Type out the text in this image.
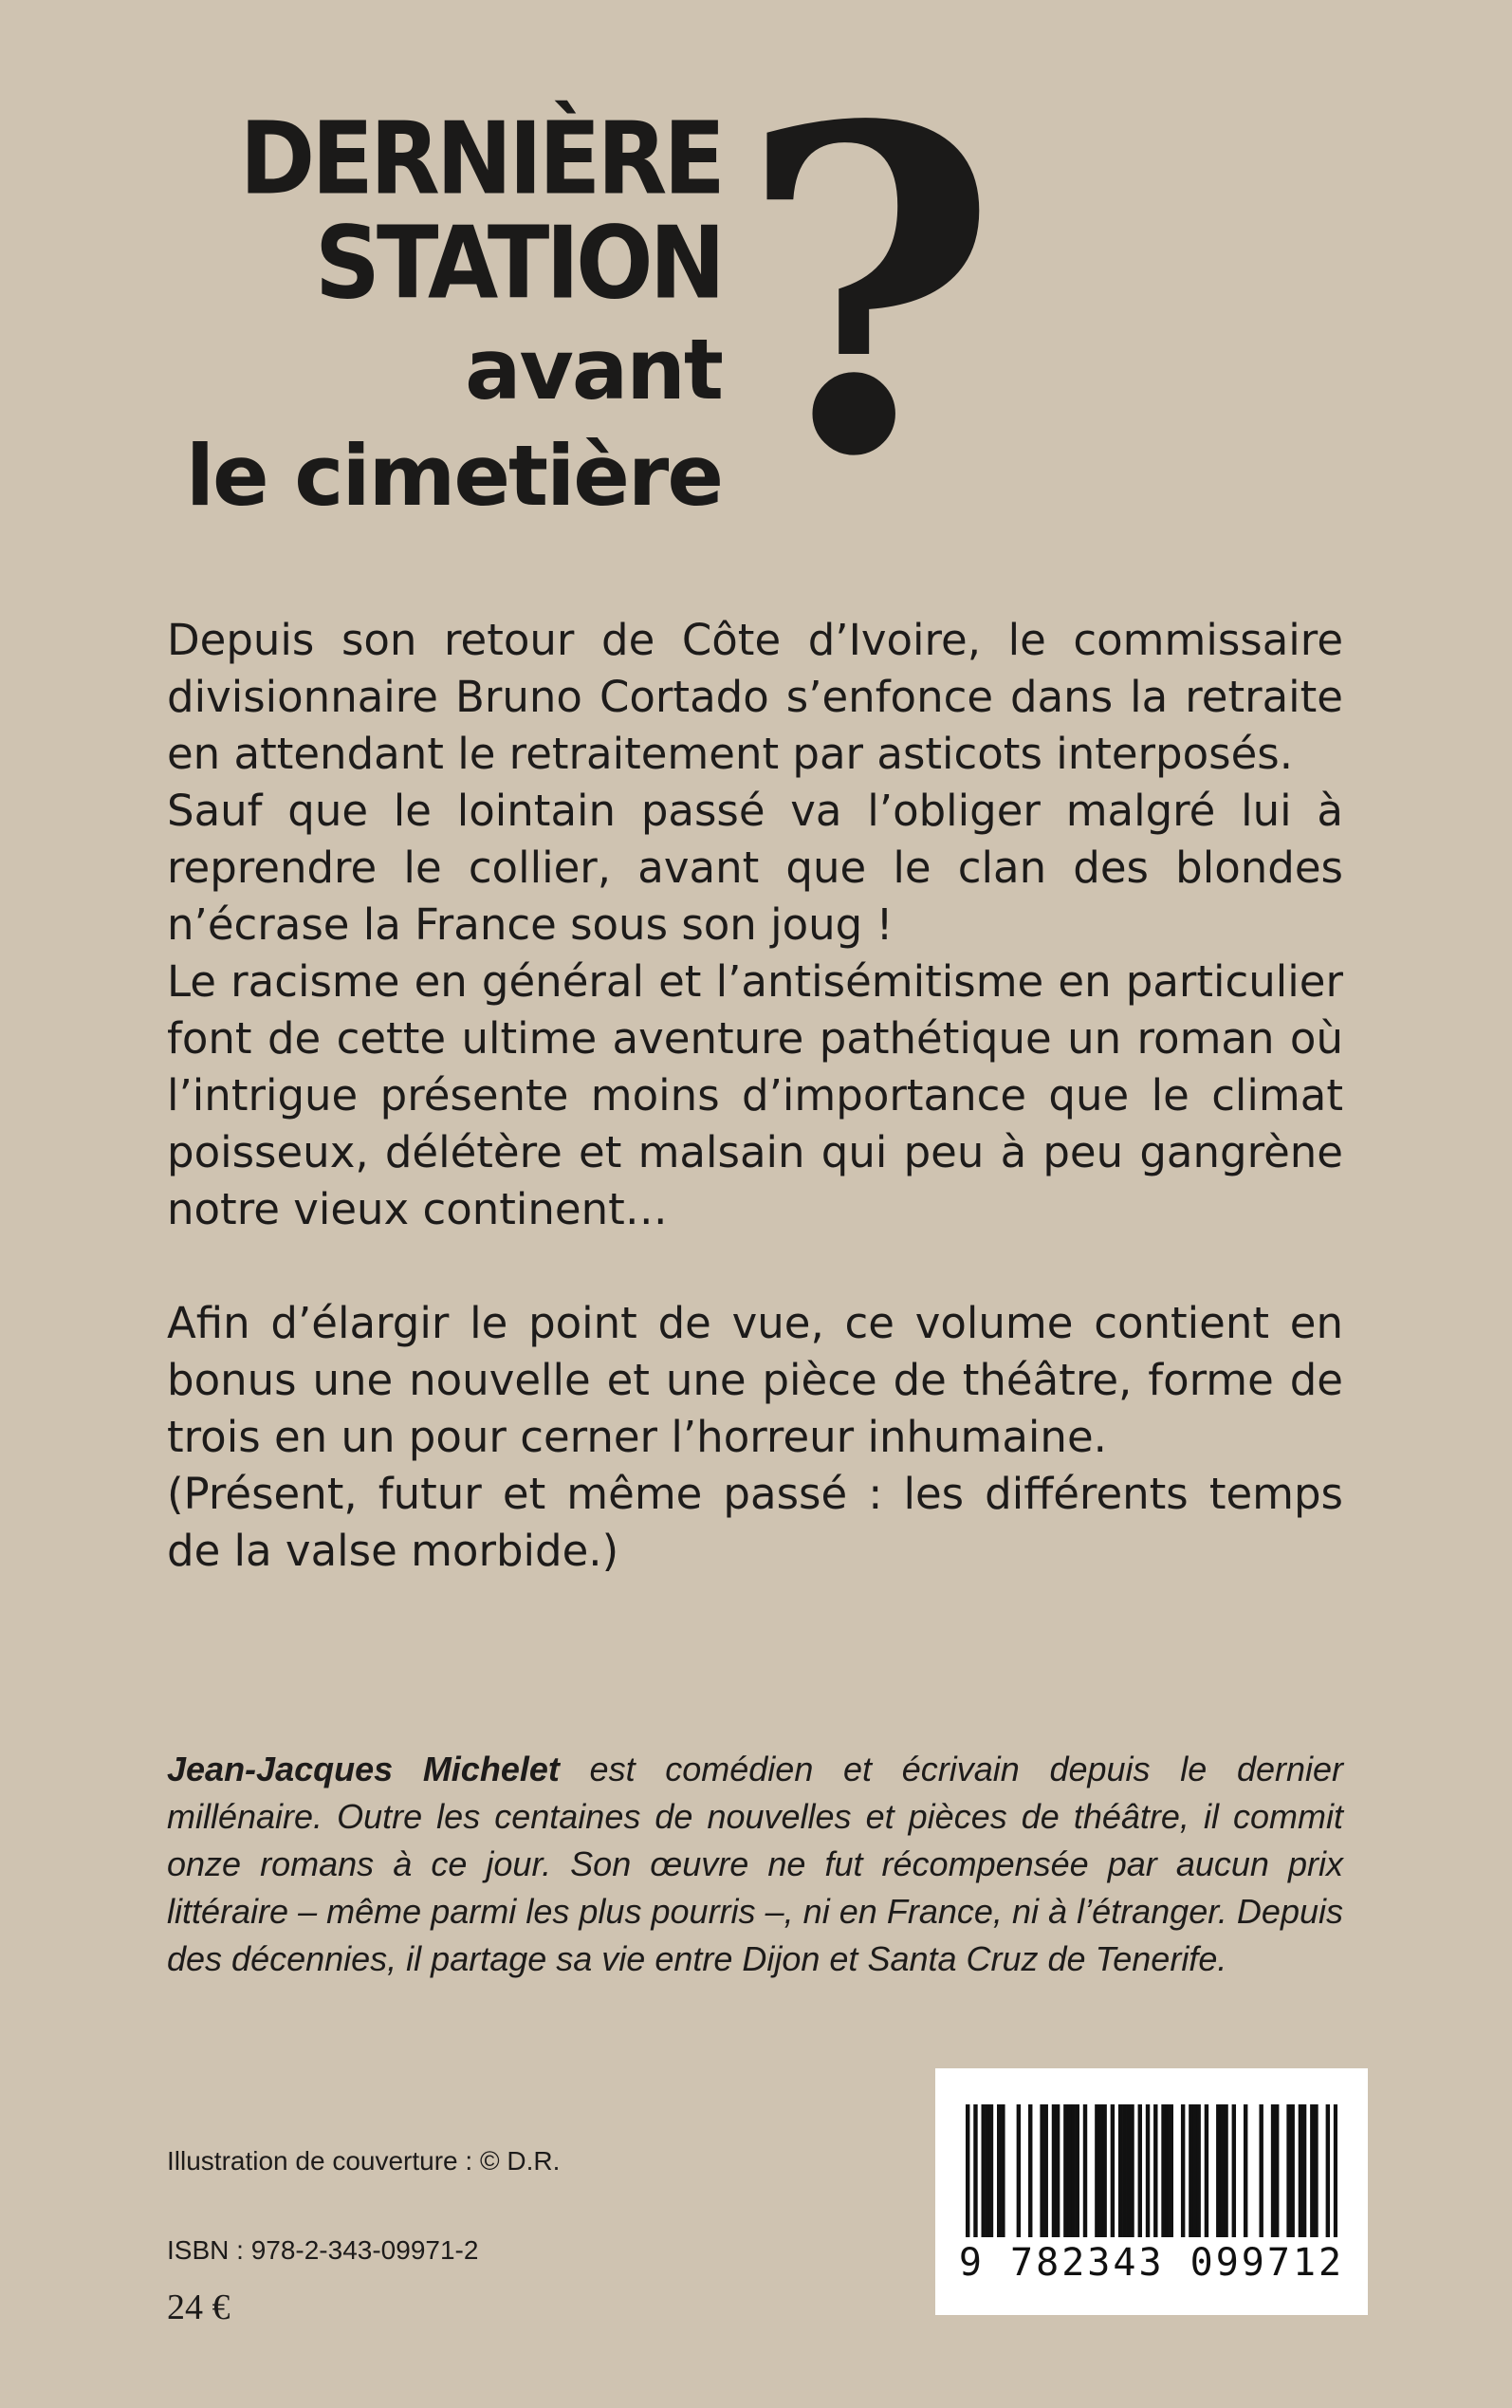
DERNIÈRE
STATION
avant
le cimetière ?

Depuis son retour de Côte d’Ivoire, le commissaire divisionnaire Bruno Cortado s’enfonce dans la retraite en attendant le retraitement par asticots interposés.

Sauf que le lointain passé va l’obliger malgré lui à reprendre le collier, avant que le clan des blondes n’écrase la France sous son joug !

Le racisme en général et l’antisémitisme en particulier font de cette ultime aventure pathétique un roman où l’intrigue présente moins d’importance que le climat poisseux, délétère et malsain qui peu à peu gangrène notre vieux continent…

Afin d’élargir le point de vue, ce volume contient en bonus une nouvelle et une pièce de théâtre, forme de trois en un pour cerner l’horreur inhumaine.

(Présent, futur et même passé : les différents temps de la valse morbide.)

Jean-Jacques Michelet est comédien et écrivain depuis le dernier millénaire. Outre les centaines de nouvelles et pièces de théâtre, il commit onze romans à ce jour. Son œuvre ne fut récompensée par aucun prix littéraire – même parmi les plus pourris –, ni en France, ni à l’étranger. Depuis des décennies, il partage sa vie entre Dijon et Santa Cruz de Tenerife.
Illustration de couverture : © D.R.
ISBN : 978-2-343-09971-2
24 €
9 782343 099712
